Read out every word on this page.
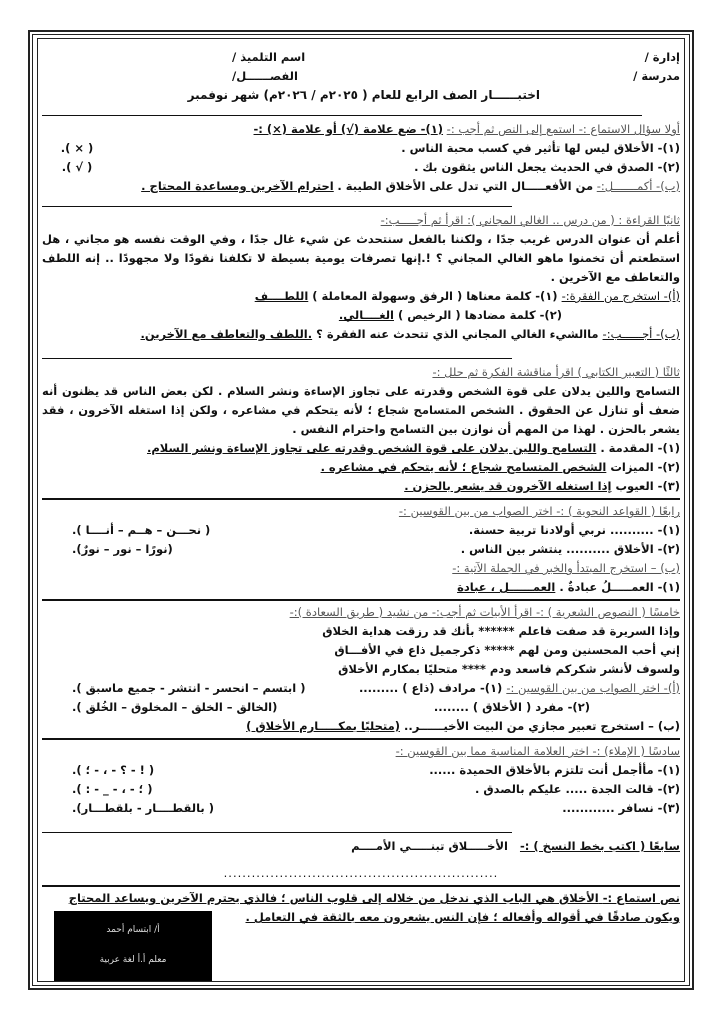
إدارة /
اسم التلميذ /
مدرسة /
الفصــــــل/
اختبــــــار الصف الرابع للعام ( ٢٠٢٥م / ٢٠٢٦م) شهر نوفمبر
أولا سؤال الاستماع :- استمع إلى النص ثم أجب :- (١)- ضع علامة (√) أو علامة (×) :-
(١)- الأخلاق ليس لها تأثير في كسب محبة الناس .
( × ).
(٢)- الصدق في الحديث يجعل الناس يثقون بك .
( √ ).
(ب)- أكمـــــــل:- من الأفعـــــال التي تدل على الأخلاق الطيبة . احترام الآخرين ومساعدة المحتاج .
ثانيًا القراءة : ( من درس .. الغالي المجاني ): اقرأ ثم أجـــــب:-

أعلم أن عنوان الدرس غريب جدًا ، ولكننا بالفعل سنتحدث عن شيء غال جدًا ، وفي الوقت نفسه هو مجاني ، هل استطعتم أن تخمنوا ماهو الغالي المجاني ؟ !.إنها تصرفات يومية بسيطة لا تكلفنا نقودًا ولا مجهودًا .. إنه اللطف والتعاطف مع الآخرين .

(أ)- استخرج من الفقرة:- (١)- كلمة معناها ( الرفق وسهولة المعاملة ) اللطــــف
(٢)- كلمة مضادها ( الرخيص ) الغــــالي.
(ب)- أجــــــب:- ماالشيء الغالي المجاني الذي تتحدث عنه الفقرة ؟ .اللطف والتعاطف مع الآخرين.
ثالثًا ( التعبير الكتابي ) اقرأ مناقشة الفكرة ثم حلل :-

التسامح واللين يدلان على قوة الشخص وقدرته على تجاوز الإساءة ونشر السلام . لكن بعض الناس قد يظنون أنه ضعف أو تنازل عن الحقوق . الشخص المتسامح شجاع ؛ لأنه يتحكم في مشاعره ، ولكن إذا استغله الآخرون ، فقد يشعر بالحزن . لهذا من المهم أن نوازن بين التسامح واحترام النفس .

(١)- المقدمة . التسامح واللين يدلان على قوة الشخص وقدرته على تجاوز الإساءة ونشر السلام.
(٢)- الميزات الشخص المتسامح شجاع ؛ لأنه يتحكم في مشاعره .
(٣)- العيوب إذا استغله الآخرون قد يشعر بالحزن .
رابعًا ( القواعد النحوية ) :- اختر الصواب من بين القوسين :-
(١)- .......... نربي أولادنا تربية حسنة.
( نحـــن – هــم – أنــــا ).
(٢)- الأخلاق .......... ينتشر بين الناس .
(نورًا – نور – نورٌ).
(ب) – استخرج المبتدأ والخبر في الجملة الآتية :-
(١)- العمـــــلُ عبادةٌ . العمــــــل ، عبادة
خامسًا ( النصوص الشعرية ) :- اقرأ الأبيات ثم أجب:- من نشيد ( طريق السعادة ):-
وإذا السريرة قد صفت فاعلم ****** بأنك قد رزقت هداية الخلاق
إني أحب المحسنين ومن لهم ***** ذكرجميل ذاع في الأفـــاق
ولسوف لأنشر شكركم فاسعد ودم **** متحليًا بمكارم الأخلاق
(أ)- اختر الصواب من بين القوسين :- (١)- مرادف (ذاع ) .........
( ابتسم – انحسر - انتشر - جميع ماسبق ).
(٢)- مفرد ( الأخلاق ) ........
(الخالق – الخلق – المخلوق – الخُلق ).
(ب) – استخرج تعبير مجازي من البيت الأخيــــــر.. (متحليًا بمكـــــارم الأخلاق )
سادسًا ( الإملاء) :- اختر العلامة المناسبة مما بين القوسين :-
(١)- مأأجمل أنت تلتزم بالأخلاق الحميدة ......
( ! - ؟ - ، - ؛ ).
(٢)- قالت الجدة ..... عليكم بالصدق .
( ؛ - ، - _ - : ).
(٣)- نسافر ............
( بالقطــــار - بلقطـــار).
سابعًا ( اكتب بخط النسخ ) :- الأخـــــلاق تبنـــــي الأمــــم
...........................................................
نص استماع :- الأخلاق هي الباب الذي ندخل من خلاله إلى قلوب الناس ؛ فالذي يحترم الآخرين ويساعد المحتاج ويكون صادقًا في أقواله وأفعاله ؛ فإن النس يشعرون معه بالثقة في التعامل .
أ/ ابتسام أحمد
معلم أ.أ لغة عربية
